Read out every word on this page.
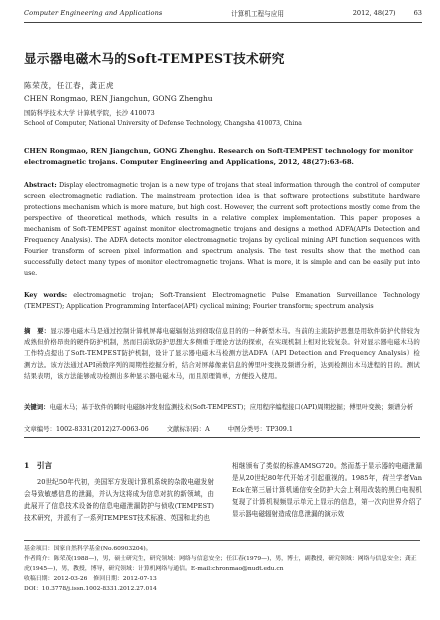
Computer Engineering and Applications	计算机工程与应用	2012, 48(27)	63
显示器电磁木马的Soft-TEMPEST技术研究
陈荣茂，任江春，龚正虎
CHEN Rongmao, REN Jiangchun, GONG Zhenghu
国防科学技术大学 计算机学院，长沙 410073
School of Computer, National University of Defense Technology, Changsha 410073, China
CHEN Rongmao, REN Jiangchun, GONG Zhenghu. Research on Soft-TEMPEST technology for monitor electromagnetic trojans. Computer Engineering and Applications, 2012, 48(27):63-68.
Abstract: Display electromagnetic trojan is a new type of trojans that steal information through the control of computer screen electromagnetic radiation. The mainstream protection idea is that software protections substitute hardware protections mechanism which is more mature, but high cost. However, the current soft protections mostly come from the perspective of theoretical methods, which results in a relative complex implementation. This paper proposes a mechanism of Soft-TEMPEST against monitor electromagnetic trojans and designs a method ADFA(APIs Detection and Frequency Analysis). The ADFA detects monitor electromagnetic trojans by cyclical mining API function sequences with Fourier transform of screen pixel information and spectrum analysis. The test results show that the method can successfully detect many types of monitor electromagnetic trojans. What is more, it is simple and can be easily put into use.
Key words: electromagnetic trojan; Soft-Transient Electromagnetic Pulse Emanation Surveillance Technology (TEMPEST); Application Programming Interface(API) cyclical mining; Fourier transform; spectrum analysis
摘　要：显示器电磁木马是通过控制计算机屏幕电磁辐射达到窃取信息目的的一种新型木马。当前的主流防护思想是用软件防护代替较为成熟但价格昂贵的硬件防护机制，然而目前软防护思想大多侧重于理论方法的探索，在实现机制上相对比较复杂。针对显示器电磁木马的工作特点提出了Soft-TEMPEST防护机制，设计了显示器电磁木马检测方法ADFA（API Detection and Frequency Analysis）检测方法。该方法通过API函数序列的周期性挖掘分析，结合对屏幕像素信息的傅里叶变换及频谱分析，达到检测出木马进程的目的。测试结果表明，该方法能够成功检测出多种显示器电磁木马，而且原理简单，方便投入使用。
关键词：电磁木马；基于软件的瞬时电磁脉冲发射监测技术(Soft-TEMPEST)；应用程序编程接口(API)周期挖掘；傅里叶变换；频谱分析
文章编号：1002-8331(2012)27-0063-06	文献标识码：A	中图分类号：TP309.1
1　引言

20世纪50年代初，美国军方发现计算机系统的杂散电磁发射会导致敏感信息的泄漏，并认为这将成为信息对抗的新领域，由此展开了信息技术设备的信息电磁泄漏防护与侦收(TEMPEST)技术研究，并派有了一系列TEMPEST技术标准、英国和北约也

相继颁布了类似的标准AMSG720。然而基于显示器的电磁泄漏是从20世纪80年代开始才引起重视的。1985年，荷兰学者Van Eck在第三届计算机通信安全防护大会上利用改装的黑白电视机复现了计算机视频显示单元上显示的信息，第一次向世界介绍了显示器电磁辐射造成信息泄漏的演示效

基金项目：国家自然科学基金(No.60903204)。
作者简介：陈荣茂(1988—)，男，硕士研究生，研究领域：网络与信息安全；任江春(1979—)，男，博士，副教授，研究领域：网络与信息安全；龚正虎(1945—)，男，教授，博导，研究领域：计算机网络与通信。E-mail:chronmao@nudt.edu.cn
收稿日期：2012-03-26　修回日期：2012-07-13
DOI：10.3778/j.issn.1002-8331.2012.27.014
